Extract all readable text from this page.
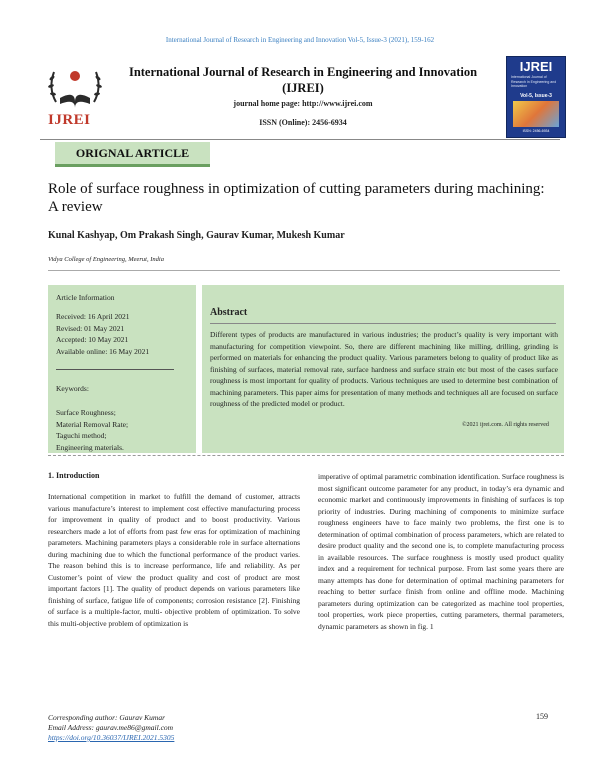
International Journal of Research in Engineering and Innovation Vol-5, Issue-3 (2021), 159-162
IJREI
International Journal of Research in Engineering and Innovation (IJREI)
journal home page: http://www.ijrei.com
ISSN (Online): 2456-6934
IJREI
International Journal of Research in Engineering and Innovation
Vol-5, Issue-3
ISSN: 2456-6934
ORIGNAL ARTICLE
Role of surface roughness in optimization of cutting parameters during machining: A review
Kunal Kashyap, Om Prakash Singh, Gaurav Kumar, Mukesh Kumar
Vidya College of Engineering, Meerut, India
Article Information
Received: 16 April 2021
Revised: 01 May 2021
Accepted: 10 May 2021
Available online: 16 May 2021
Keywords:
Surface Roughness;
Material Removal Rate;
Taguchi method;
Engineering materials.
Abstract
Different types of products are manufactured in various industries; the product’s quality is very important with manufacturing for competition viewpoint. So, there are different machining like milling, drilling, grinding is performed on materials for enhancing the product quality. Various parameters belong to quality of product like as finishing of surfaces, material removal rate, surface hardness and surface strain etc but most of the cases surface roughness is most important for quality of products. Various techniques are used to determine best combination of machining parameters. This paper aims for presentation of many methods and techniques all are focused on surface roughness of the predicted model or product.
©2021 ijrei.com. All rights reserved
1. Introduction
International competition in market to fulfill the demand of customer, attracts various manufacture’s interest to implement cost effective manufacturing process for improvement in quality of product and to boost productivity. Various researchers made a lot of efforts from past few eras for optimization of machining parameters. Machining parameters plays a considerable role in surface alternations during machining due to which the functional performance of the product varies. The reason behind this is to increase performance, life and reliability. As per Customer’s point of view the product quality and cost of product are most important factors [1]. The quality of product depends on various parameters like finishing of surface, fatigue life of components; corrosion resistance [2]. Finishing of surface is a multiple-factor, multi- objective problem of optimization. To solve this multi-objective problem of optimization is
imperative of optimal parametric combination identification. Surface roughness is most significant outcome parameter for any product, in today’s era dynamic and economic market and continuously improvements in finishing of surfaces is top priority of industries. During machining of components to minimize surface roughness engineers have to face mainly two problems, the first one is to determination of optimal combination of process parameters, which are related to desire product quality and the second one is, to complete manufacturing process in available resources. The surface roughness is mostly used product quality index and a requirement for technical purpose. From last some years there are many attempts has done for determination of optimal machining parameters for reaching to better surface finish from online and offline mode. Machining parameters during optimization can be categorized as machine tool properties, tool properties, work piece properties, cutting parameters, thermal parameters, dynamic parameters as shown in fig. 1
Corresponding author: Gaurav Kumar
Email Address: gaurav.me86@gmail.com
https://doi.org/10.36037/IJREI.2021.5305
159
